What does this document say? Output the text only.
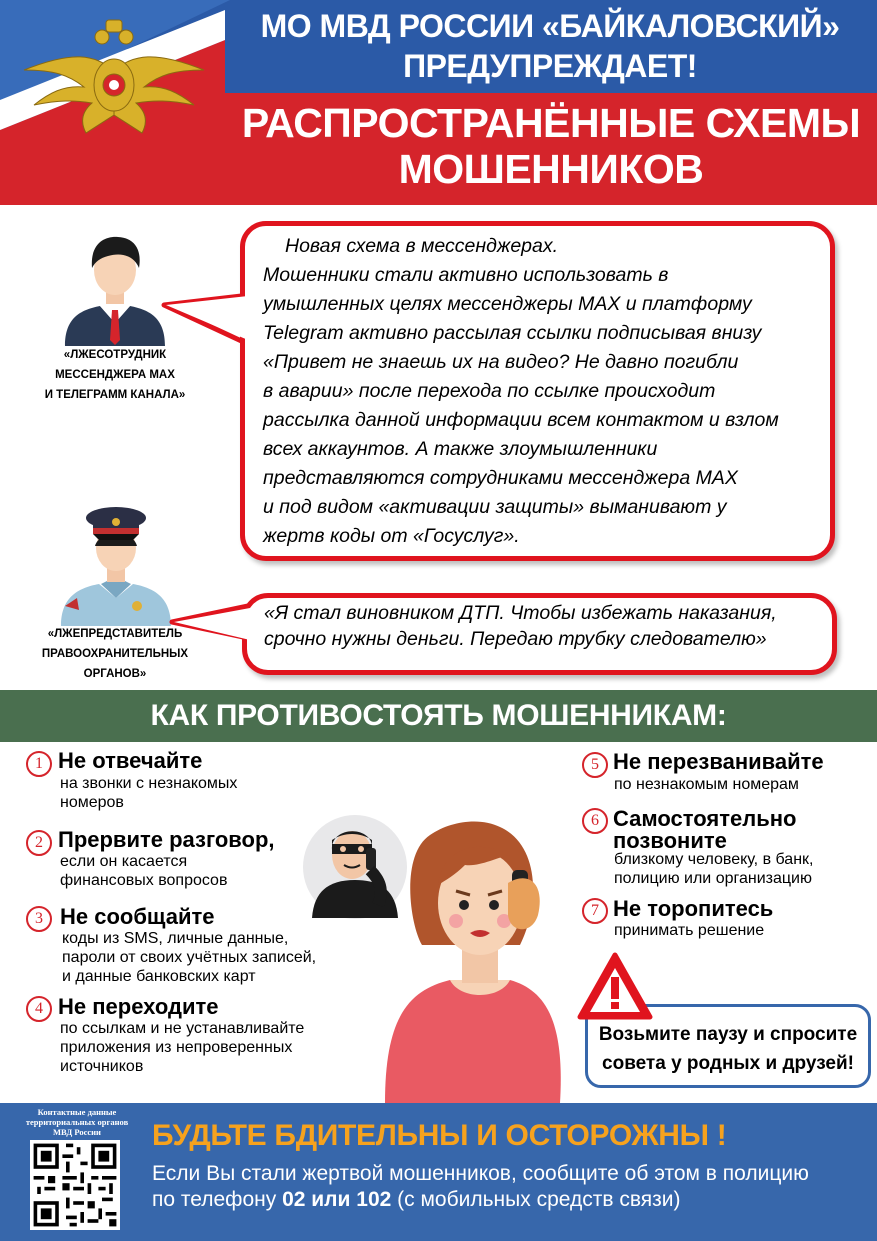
МО МВД РОССИИ «БАЙКАЛОВСКИЙ»
ПРЕДУПРЕЖДАЕТ!
РАСПРОСТРАНЁННЫЕ СХЕМЫ
МОШЕННИКОВ
«ЛЖЕСОТРУДНИК
МЕССЕНДЖЕРА МАХ
И ТЕЛЕГРАММ КАНАЛА»
Новая схема в мессенджерах.
Мошенники стали активно использовать в
умышленных целях мессенджеры МАХ и платформу
Telegram активно рассылая ссылки подписывая внизу
«Привет не знаешь их на видео? Не давно погибли
в аварии» после перехода по ссылке происходит
рассылка данной информации всем контактом и взлом
всех аккаунтов. А также злоумышленники
представляются сотрудниками мессенджера МАХ
и под видом «активации защиты» выманивают у
жертв коды от «Госуслуг».
«ЛЖЕПРЕДСТАВИТЕЛЬ
ПРАВООХРАНИТЕЛЬНЫХ
ОРГАНОВ»
«Я стал виновником ДТП. Чтобы избежать наказания,
срочно нужны деньги. Передаю трубку следователю»
КАК ПРОТИВОСТОЯТЬ МОШЕННИКАМ:
1 Не отвечайте
на звонки с незнакомых
номеров
2 Прервите разговор,
если он касается
финансовых вопросов
3 Не сообщайте
коды из SMS, личные данные,
пароли от своих учётных записей,
и данные банковских карт
4 Не переходите
по ссылкам и не устанавливайте
приложения из непроверенных
источников
5 Не перезванивайте
по незнакомым номерам
6 Самостоятельно
позвоните
близкому человеку, в банк,
полицию или организацию
7 Не торопитесь
принимать решение
Возьмите паузу и спросите
совета у родных и друзей!
Контактные данные
территориальных органов
МВД России	БУДЬТЕ БДИТЕЛЬНЫ И ОСТОРОЖНЫ !
Если Вы стали жертвой мошенников, сообщите об этом в полицию
по телефону 02 или 102 (с мобильных средств связи)
